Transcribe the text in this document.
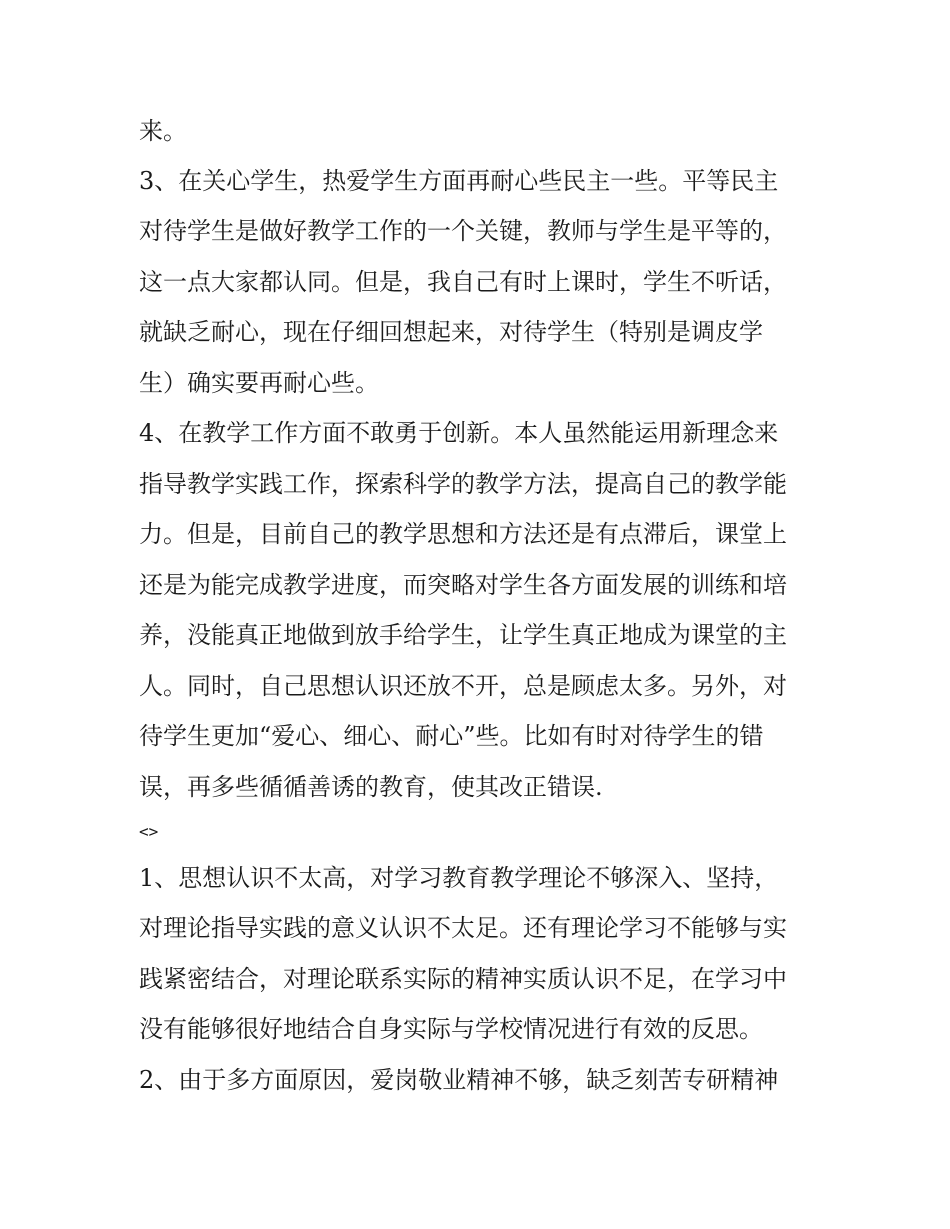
来。
3、在关心学生，热爱学生方面再耐心些民主一些。平等民主
对待学生是做好教学工作的一个关键，教师与学生是平等的，
这一点大家都认同。但是，我自己有时上课时，学生不听话，
就缺乏耐心，现在仔细回想起来，对待学生（特别是调皮学
生）确实要再耐心些。
4、在教学工作方面不敢勇于创新。本人虽然能运用新理念来
指导教学实践工作，探索科学的教学方法，提高自己的教学能
力。但是，目前自己的教学思想和方法还是有点滞后，课堂上
还是为能完成教学进度，而突略对学生各方面发展的训练和培
养，没能真正地做到放手给学生，让学生真正地成为课堂的主
人。同时，自己思想认识还放不开，总是顾虑太多。另外，对
待学生更加“爱心、细心、耐心”些。比如有时对待学生的错
误，再多些循循善诱的教育，使其改正错误.
<>
1、思想认识不太高，对学习教育教学理论不够深入、坚持，
对理论指导实践的意义认识不太足。还有理论学习不能够与实
践紧密结合，对理论联系实际的精神实质认识不足，在学习中
没有能够很好地结合自身实际与学校情况进行有效的反思。
2、由于多方面原因，爱岗敬业精神不够，缺乏刻苦专研精神
